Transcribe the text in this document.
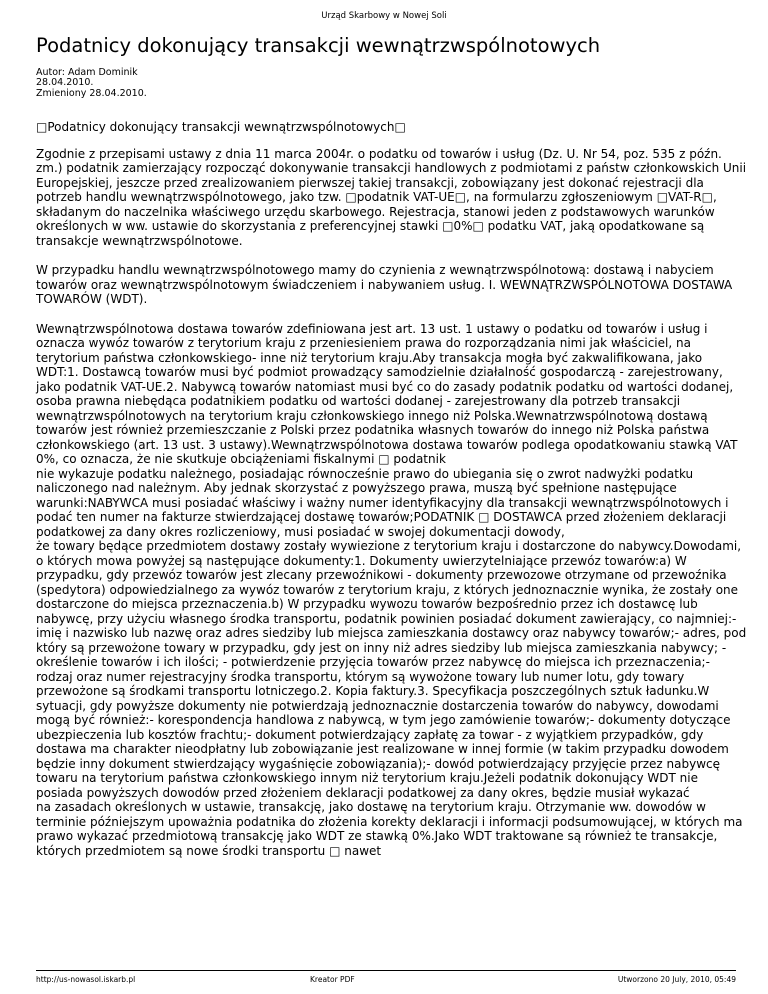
Urząd Skarbowy w Nowej Soli
Podatnicy dokonujący transakcji wewnątrzwspólnotowych
Autor: Adam Dominik
28.04.2010.
Zmieniony 28.04.2010.

□Podatnicy dokonujący transakcji wewnątrzwspólnotowych□

Zgodnie z przepisami ustawy z dnia 11 marca 2004r. o podatku od towarów i usług (Dz. U. Nr 54, poz. 535 z późn. zm.) podatnik zamierzający rozpocząć dokonywanie transakcji handlowych z podmiotami z państw członkowskich Unii Europejskiej, jeszcze przed zrealizowaniem pierwszej takiej transakcji, zobowiązany jest dokonać rejestracji dla potrzeb handlu wewnątrzwspólnotowego, jako tzw. □podatnik VAT-UE□, na formularzu zgłoszeniowym □VAT-R□, składanym do naczelnika właściwego urzędu skarbowego. Rejestracja, stanowi jeden z podstawowych warunków określonych w ww. ustawie do skorzystania z preferencyjnej stawki □0%□ podatku VAT, jaką opodatkowane są transakcje wewnątrzwspólnotowe.

W przypadku handlu wewnątrzwspólnotowego mamy do czynienia z wewnątrzwspólnotową: dostawą i nabyciem towarów oraz wewnątrzwspólnotowym świadczeniem i nabywaniem usług. I. WEWNĄTRZWSPÓLNOTOWA DOSTAWA TOWARÓW (WDT).

Wewnątrzwspólnotowa dostawa towarów zdefiniowana jest art. 13 ust. 1 ustawy o podatku od towarów i usług i oznacza wywóz towarów z terytorium kraju z przeniesieniem prawa do rozporządzania nimi jak właściciel, na terytorium państwa członkowskiego- inne niż terytorium kraju.Aby transakcja mogła być zakwalifikowana, jako WDT:1. Dostawcą towarów musi być podmiot prowadzący samodzielnie działalność gospodarczą - zarejestrowany, jako podatnik VAT-UE.2. Nabywcą towarów natomiast musi być co do zasady podatnik podatku od wartości dodanej, osoba prawna niebędąca podatnikiem podatku od wartości dodanej - zarejestrowany dla potrzeb transakcji wewnątrzwspólnotowych na terytorium kraju członkowskiego innego niż Polska.Wewnatrzwspólnotową dostawą towarów jest również przemieszczanie z Polski przez podatnika własnych towarów do innego niż Polska państwa członkowskiego (art. 13 ust. 3 ustawy).Wewnątrzwspólnotowa dostawa towarów podlega opodatkowaniu stawką VAT 0%, co oznacza, że nie skutkuje obciążeniami fiskalnymi □ podatnik
nie wykazuje podatku należnego, posiadając równocześnie prawo do ubiegania się o zwrot nadwyżki podatku naliczonego nad należnym. Aby jednak skorzystać z powyższego prawa, muszą być spełnione następujące warunki:NABYWCA musi posiadać właściwy i ważny numer identyfikacyjny dla transakcji wewnątrzwspólnotowych i podać ten numer na fakturze stwierdzającej dostawę towarów;PODATNIK □ DOSTAWCA przed złożeniem deklaracji podatkowej za dany okres rozliczeniowy, musi posiadać w swojej dokumentacji dowody,
że towary będące przedmiotem dostawy zostały wywiezione z terytorium kraju i dostarczone do nabywcy.Dowodami, o których mowa powyżej są następujące dokumenty:1. Dokumenty uwierzytelniające przewóz towarów:a) W przypadku, gdy przewóz towarów jest zlecany przewoźnikowi - dokumenty przewozowe otrzymane od przewoźnika (spedytora) odpowiedzialnego za wywóz towarów z terytorium kraju, z których jednoznacznie wynika, że zostały one dostarczone do miejsca przeznaczenia.b) W przypadku wywozu towarów bezpośrednio przez ich dostawcę lub nabywcę, przy użyciu własnego środka transportu, podatnik powinien posiadać dokument zawierający, co najmniej:- imię i nazwisko lub nazwę oraz adres siedziby lub miejsca zamieszkania dostawcy oraz nabywcy towarów;- adres, pod który są przewożone towary w przypadku, gdy jest on inny niż adres siedziby lub miejsca zamieszkania nabywcy; - określenie towarów i ich ilości; - potwierdzenie przyjęcia towarów przez nabywcę do miejsca ich przeznaczenia;- rodzaj oraz numer rejestracyjny środka transportu, którym są wywożone towary lub numer lotu, gdy towary przewożone są środkami transportu lotniczego.2. Kopia faktury.3. Specyfikacja poszczególnych sztuk ładunku.W sytuacji, gdy powyższe dokumenty nie potwierdzają jednoznacznie dostarczenia towarów do nabywcy, dowodami mogą być również:- korespondencja handlowa z nabywcą, w tym jego zamówienie towarów;- dokumenty dotyczące ubezpieczenia lub kosztów frachtu;- dokument potwierdzający zapłatę za towar - z wyjątkiem przypadków, gdy dostawa ma charakter nieodpłatny lub zobowiązanie jest realizowane w innej formie (w takim przypadku dowodem będzie inny dokument stwierdzający wygaśnięcie zobowiązania);- dowód potwierdzający przyjęcie przez nabywcę towaru na terytorium państwa członkowskiego innym niż terytorium kraju.Jeżeli podatnik dokonujący WDT nie posiada powyższych dowodów przed złożeniem deklaracji podatkowej za dany okres, będzie musiał wykazać
na zasadach określonych w ustawie, transakcję, jako dostawę na terytorium kraju. Otrzymanie ww. dowodów w terminie późniejszym upoważnia podatnika do złożenia korekty deklaracji i informacji podsumowującej, w których ma prawo wykazać przedmiotową transakcję jako WDT ze stawką 0%.Jako WDT traktowane są również te transakcje, których przedmiotem są nowe środki transportu □ nawet

http://us-nowasol.iskarb.pl	Kreator PDF	Utworzono 20 July, 2010, 05:49
